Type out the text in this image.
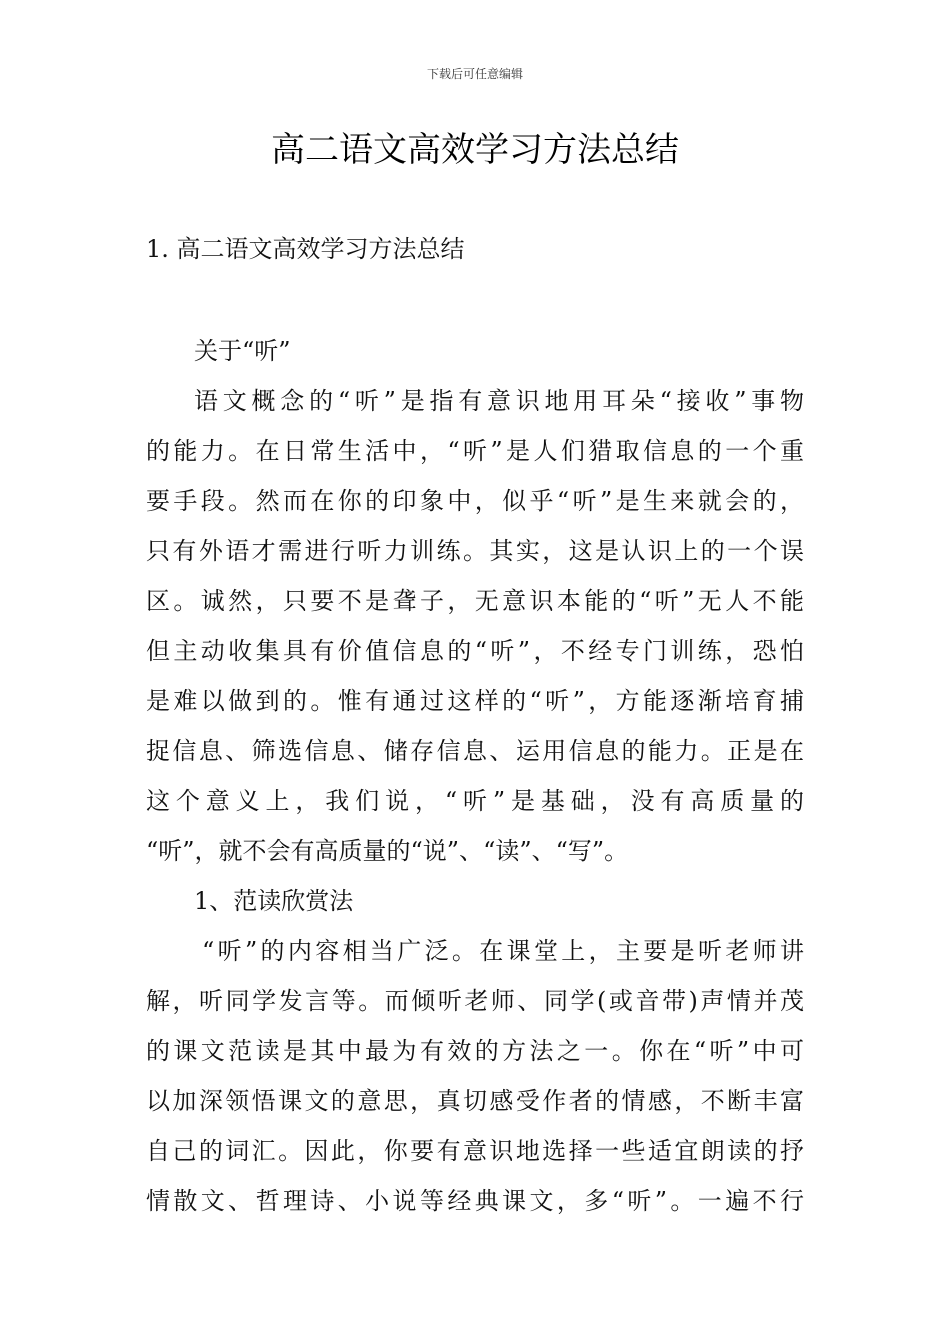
下载后可任意编辑
高二语文高效学习方法总结
1. 高二语文高效学习方法总结
关于“听”
语文概念的“听”是指有意识地用耳朵“接收”事物
的能力。在日常生活中，“听”是人们猎取信息的一个重
要手段。然而在你的印象中，似乎“听”是生来就会的，
只有外语才需进行听力训练。其实，这是认识上的一个误
区。诚然，只要不是聋子，无意识本能的“听”无人不能
但主动收集具有价值信息的“听”，不经专门训练，恐怕
是难以做到的。惟有通过这样的“听”，方能逐渐培育捕
捉信息、筛选信息、储存信息、运用信息的能力。正是在
这个意义上，我们说，“听”是基础，没有高质量的
“听”，就不会有高质量的“说”、“读”、“写”。
1、范读欣赏法
“听”的内容相当广泛。在课堂上，主要是听老师讲
解，听同学发言等。而倾听老师、同学(或音带)声情并茂
的课文范读是其中最为有效的方法之一。你在“听”中可
以加深领悟课文的意思，真切感受作者的情感，不断丰富
自己的词汇。因此，你要有意识地选择一些适宜朗读的抒
情散文、哲理诗、小说等经典课文，多“听”。一遍不行
